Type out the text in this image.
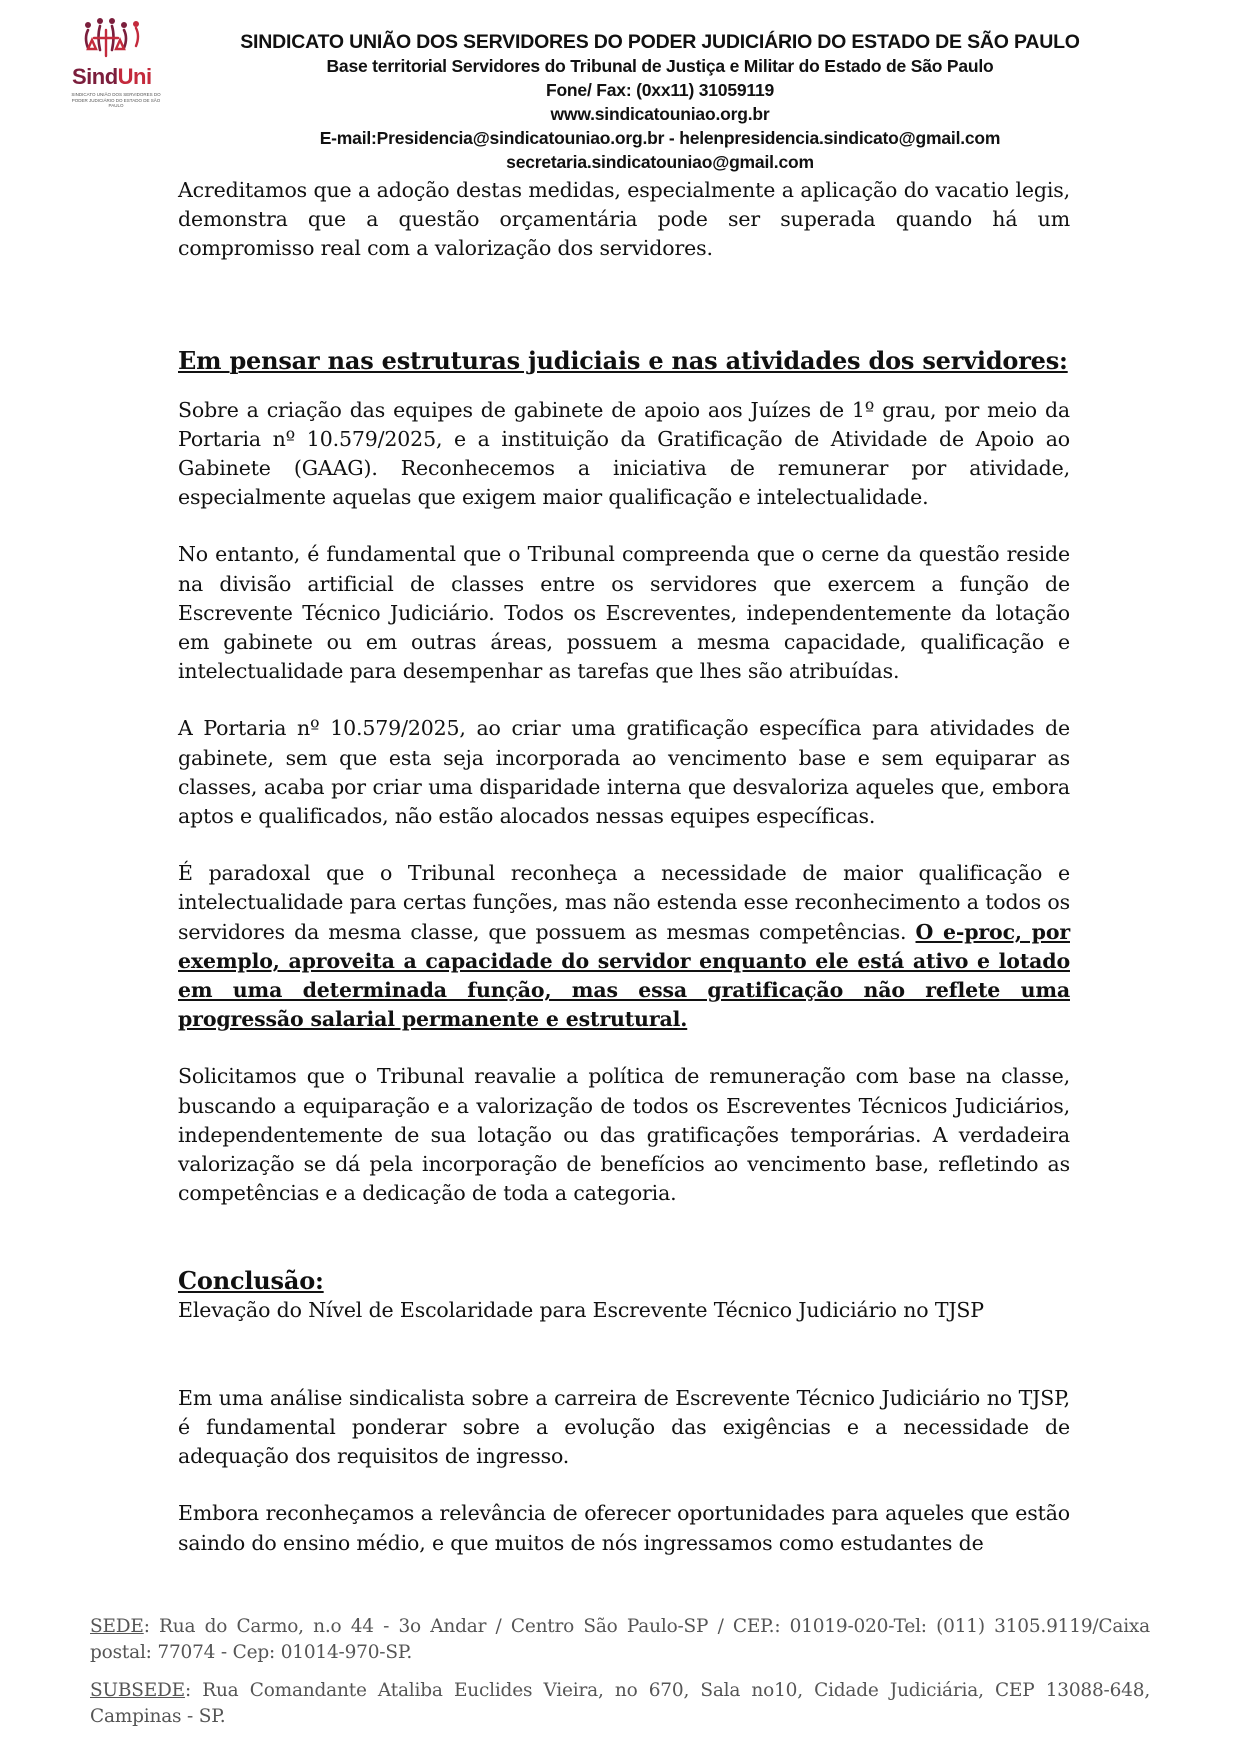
SindUni
SINDICATO UNIÃO DOS SERVIDORES DO PODER JUDICIÁRIO DO ESTADO DE SÃO PAULO
SINDICATO UNIÃO DOS SERVIDORES DO PODER JUDICIÁRIO DO ESTADO DE SÃO PAULO
Base territorial Servidores do Tribunal de Justiça e Militar do Estado de São Paulo
Fone/ Fax: (0xx11) 31059119
www.sindicatouniao.org.br
E-mail:Presidencia@sindicatouniao.org.br - helenpresidencia.sindicato@gmail.com
secretaria.sindicatouniao@gmail.com

Acreditamos que a adoção destas medidas, especialmente a aplicação do vacatio legis, demonstra que a questão orçamentária pode ser superada quando há um compromisso real com a valorização dos servidores.

Em pensar nas estruturas judiciais e nas atividades dos servidores:

Sobre a criação das equipes de gabinete de apoio aos Juízes de 1º grau, por meio da Portaria nº 10.579/2025, e a instituição da Gratificação de Atividade de Apoio ao Gabinete (GAAG). Reconhecemos a iniciativa de remunerar por atividade, especialmente aquelas que exigem maior qualificação e intelectualidade.

No entanto, é fundamental que o Tribunal compreenda que o cerne da questão reside na divisão artificial de classes entre os servidores que exercem a função de Escrevente Técnico Judiciário. Todos os Escreventes, independentemente da lotação em gabinete ou em outras áreas, possuem a mesma capacidade, qualificação e intelectualidade para desempenhar as tarefas que lhes são atribuídas.

A Portaria nº 10.579/2025, ao criar uma gratificação específica para atividades de gabinete, sem que esta seja incorporada ao vencimento base e sem equiparar as classes, acaba por criar uma disparidade interna que desvaloriza aqueles que, embora aptos e qualificados, não estão alocados nessas equipes específicas.

É paradoxal que o Tribunal reconheça a necessidade de maior qualificação e intelectualidade para certas funções, mas não estenda esse reconhecimento a todos os servidores da mesma classe, que possuem as mesmas competências. O e-proc, por exemplo, aproveita a capacidade do servidor enquanto ele está ativo e lotado em uma determinada função, mas essa gratificação não reflete uma progressão salarial permanente e estrutural.

Solicitamos que o Tribunal reavalie a política de remuneração com base na classe, buscando a equiparação e a valorização de todos os Escreventes Técnicos Judiciários, independentemente de sua lotação ou das gratificações temporárias. A verdadeira valorização se dá pela incorporação de benefícios ao vencimento base, refletindo as competências e a dedicação de toda a categoria.

Conclusão:

Elevação do Nível de Escolaridade para Escrevente Técnico Judiciário no TJSP

Em uma análise sindicalista sobre a carreira de Escrevente Técnico Judiciário no TJSP, é fundamental ponderar sobre a evolução das exigências e a necessidade de adequação dos requisitos de ingresso.

Embora reconheçamos a relevância de oferecer oportunidades para aqueles que estão saindo do ensino médio, e que muitos de nós ingressamos como estudantes de

SEDE: Rua do Carmo, n.o 44 - 3o Andar / Centro São Paulo-SP / CEP.: 01019-020-Tel: (011) 3105.9119/Caixa postal: 77074 - Cep: 01014-970-SP.
SUBSEDE: Rua Comandante Ataliba Euclides Vieira, no 670, Sala no10, Cidade Judiciária, CEP 13088-648, Campinas - SP.
